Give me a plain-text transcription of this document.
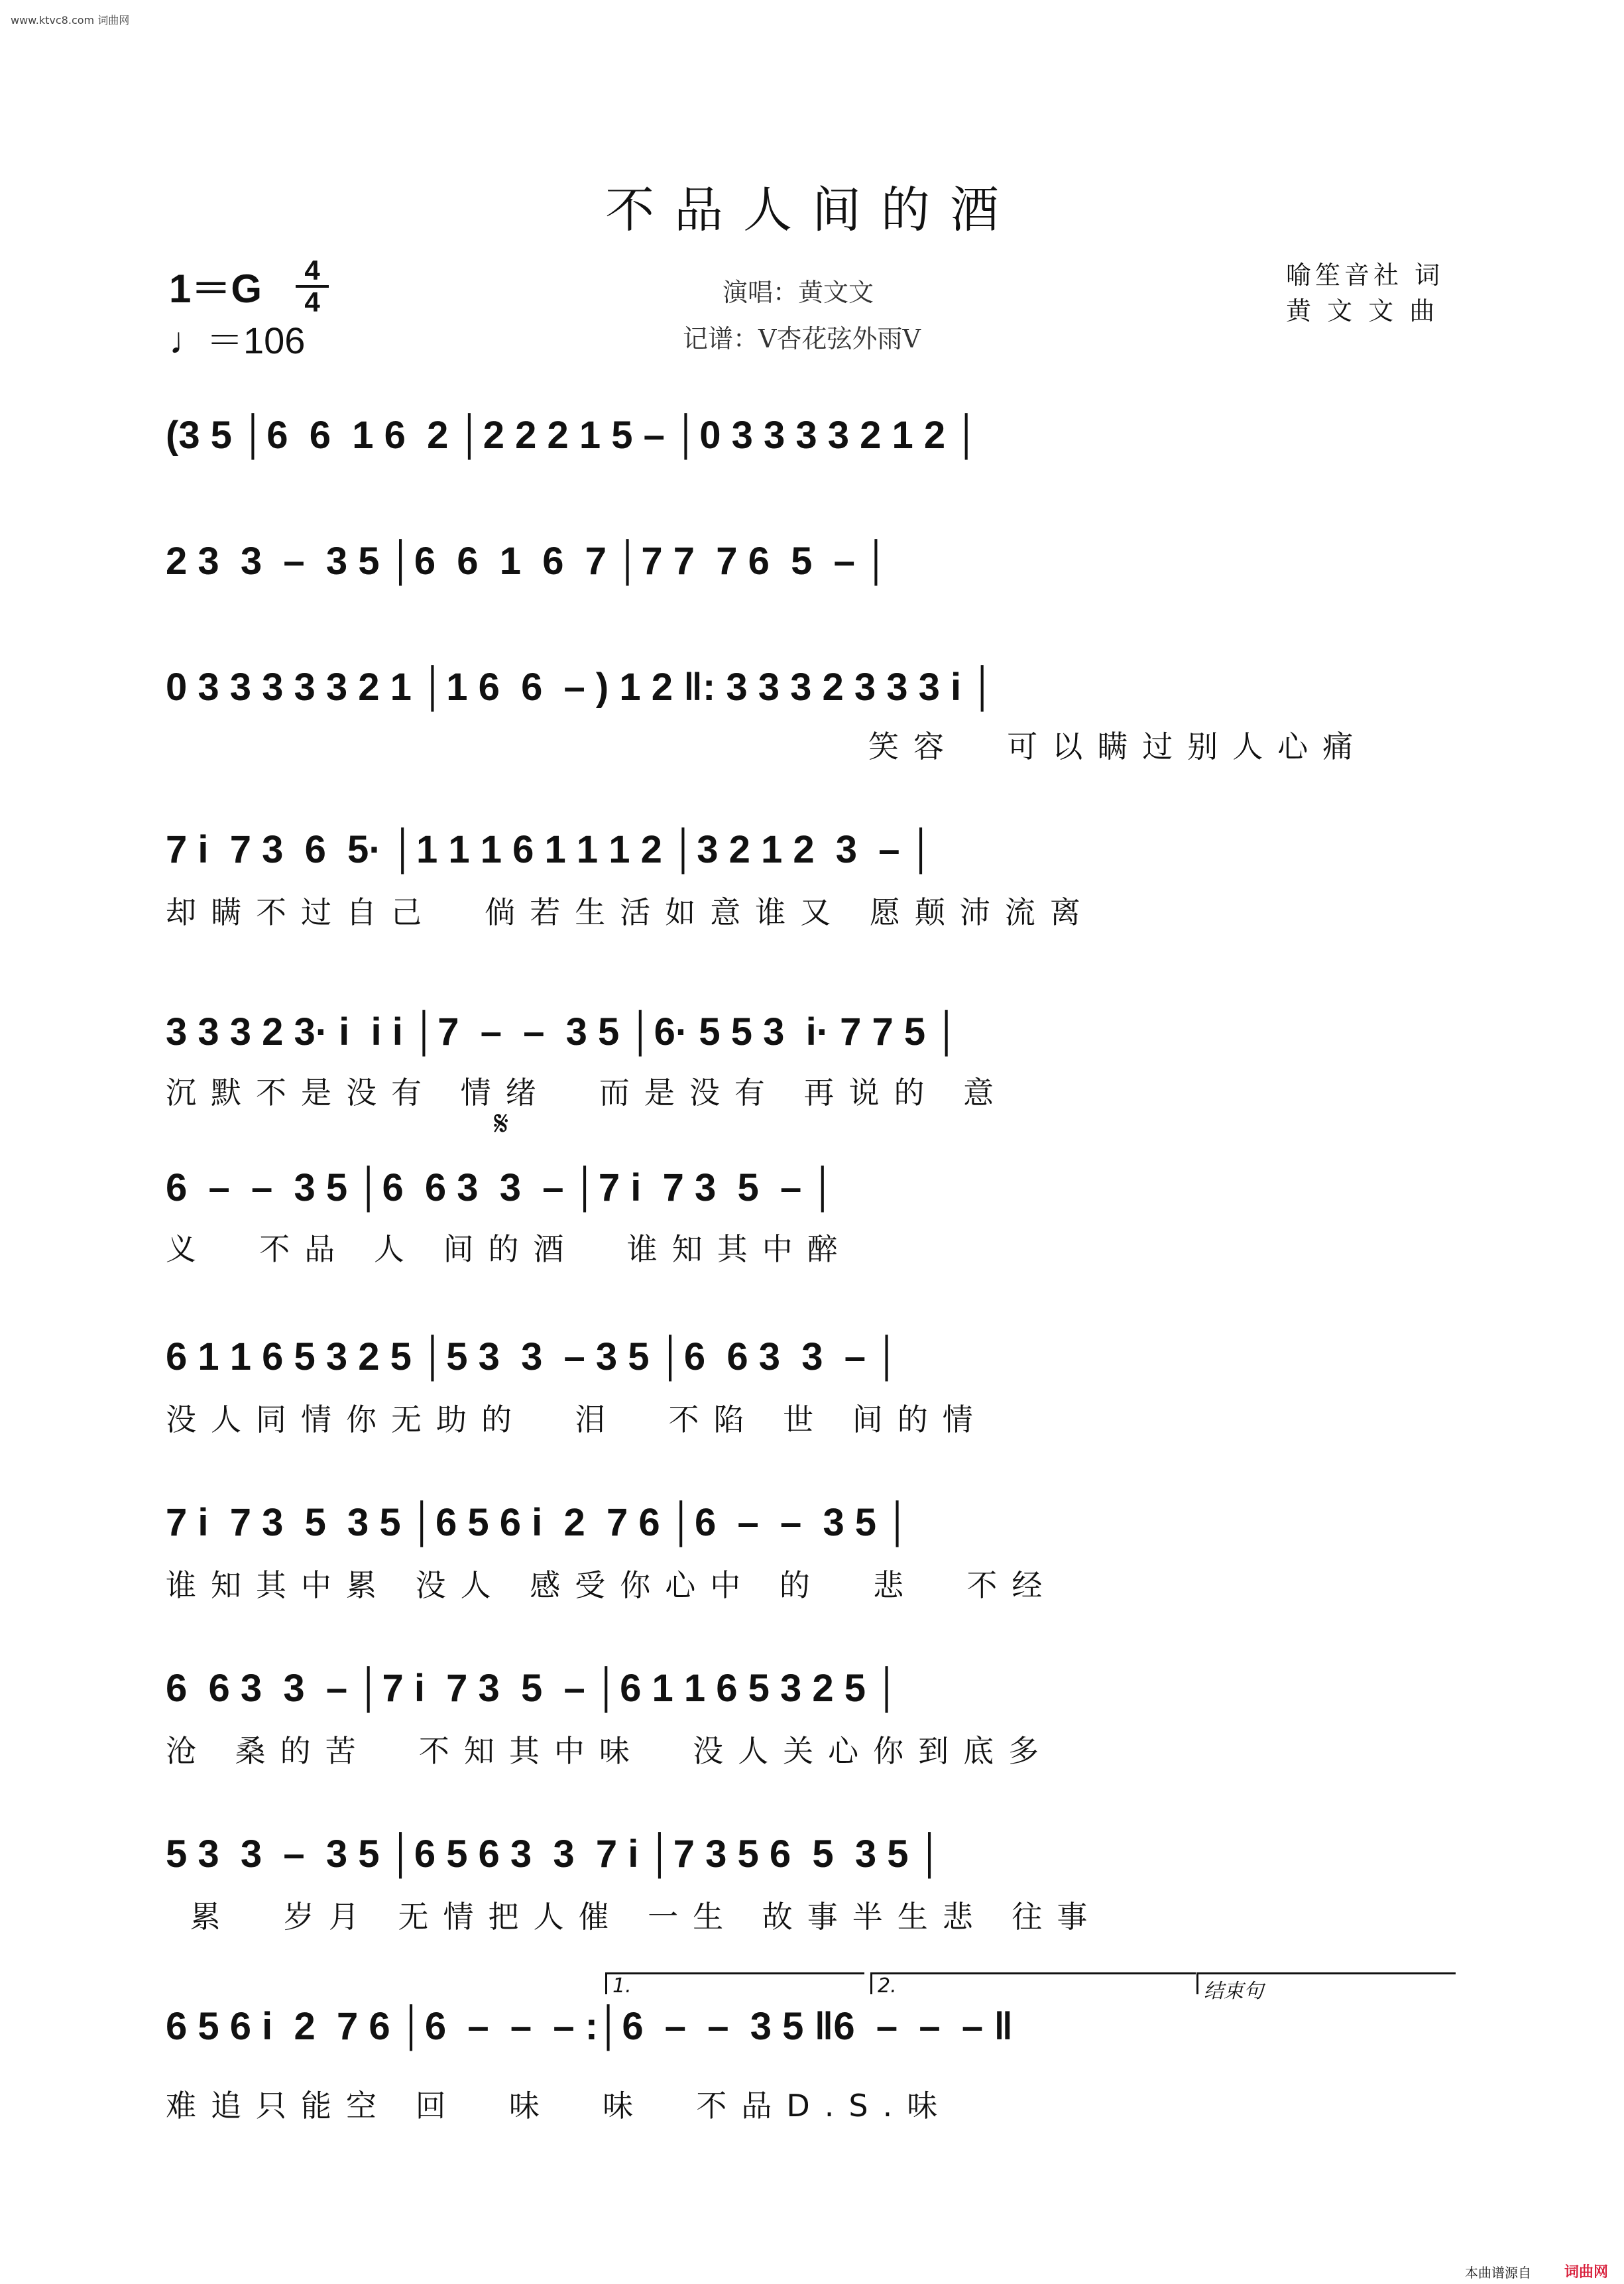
www.ktvc8.com 词曲网
不品人间的酒
1＝G	4
4
♩＝106
演唱：黄文文
记谱：V杏花弦外雨V
喻笙音社 词
黄 文 文 曲
(3 5 │6  6  1 6  2 │2 2 2 1 5 – │0 3 3 3 3 2 1 2 │
2 3  3  –  3 5 │6  6  1  6  7 │7 7  7 6  5  – │
0 3 3 3 3 3 2 1 │1 6  6  – ) 1 2 ‖: 3 3 3 2 3 3 3 i │
笑容  可以瞒过别人心痛
7 i  7 3  6  5· │1 1 1 6 1 1 1 2 │3 2 1 2  3  – │
却瞒不过自己  倘若生活如意谁又 愿颠沛流离
3 3 3 2 3· i  i i │7  –  –  3 5 │6· 5 5 3  i· 7 7 5 │
沉默不是没有 情绪  而是没有 再说的 意
𝄋
6  –  –  3 5 │6  6 3  3  – │7 i  7 3  5  – │
义  不品 人 间的酒  谁知其中醉
6 1 1 6 5 3 2 5 │5 3  3  – 3 5 │6  6 3  3  – │
没人同情你无助的  泪  不陷 世 间的情
7 i  7 3  5  3 5 │6 5 6 i  2  7 6 │6  –  –  3 5 │
谁知其中累 没人 感受你心中 的  悲  不经
6  6 3  3  – │7 i  7 3  5  – │6 1 1 6 5 3 2 5 │
沧 桑的苦  不知其中味  没人关心你到底多
5 3  3  –  3 5 │6 5 6 3  3  7 i │7 3 5 6  5  3 5 │
累  岁月 无情把人催 一生 故事半生悲 往事
1.	2.	结束句
6 5 6 i  2  7 6 │6  –  –  – :│6  –  –  3 5 ‖6  –  –  – ‖
难追只能空 回  味  味  不品D.S.味
本曲谱源自 词曲网
